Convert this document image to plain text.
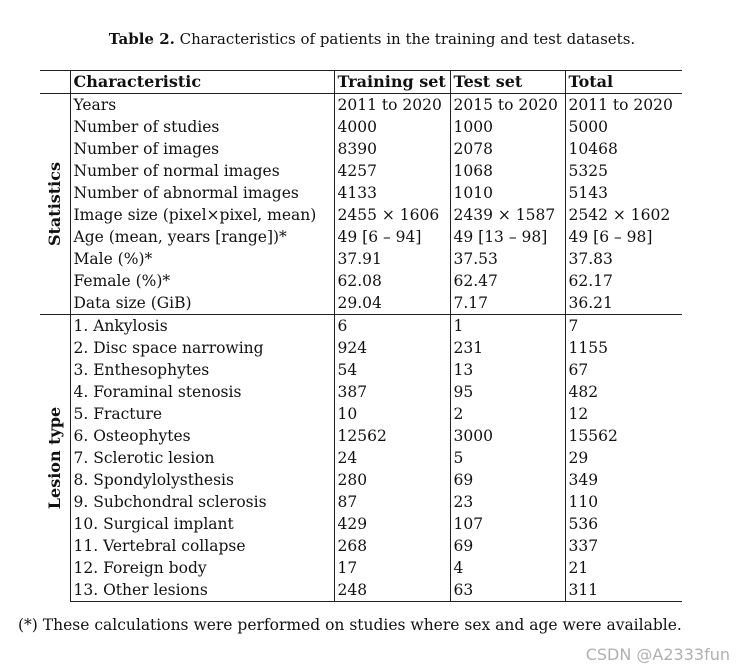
Table 2. Characteristics of patients in the training and test datasets.
	Characteristic	Training set	Test set	Total

Statistics	Years	2011 to 2020	2015 to 2020	2011 to 2020
	Number of studies	4000	1000	5000
	Number of images	8390	2078	10468
	Number of normal images	4257	1068	5325
	Number of abnormal images	4133	1010	5143
	Image size (pixel×pixel, mean)	2455 × 1606	2439 × 1587	2542 × 1602
	Age (mean, years [range])*	49 [6 – 94]	49 [13 – 98]	49 [6 – 98]
	Male (%)*	37.91	37.53	37.83
	Female (%)*	62.08	62.47	62.17
	Data size (GiB)	29.04	7.17	36.21

Lesion type	1. Ankylosis	6	1	7
	2. Disc space narrowing	924	231	1155
	3. Enthesophytes	54	13	67
	4. Foraminal stenosis	387	95	482
	5. Fracture	10	2	12
	6. Osteophytes	12562	3000	15562
	7. Sclerotic lesion	24	5	29
	8. Spondylolysthesis	280	69	349
	9. Subchondral sclerosis	87	23	110
	10. Surgical implant	429	107	536
	11. Vertebral collapse	268	69	337
	12. Foreign body	17	4	21
	13. Other lesions	248	63	311
(*) These calculations were performed on studies where sex and age were available.
CSDN @A2333fun
